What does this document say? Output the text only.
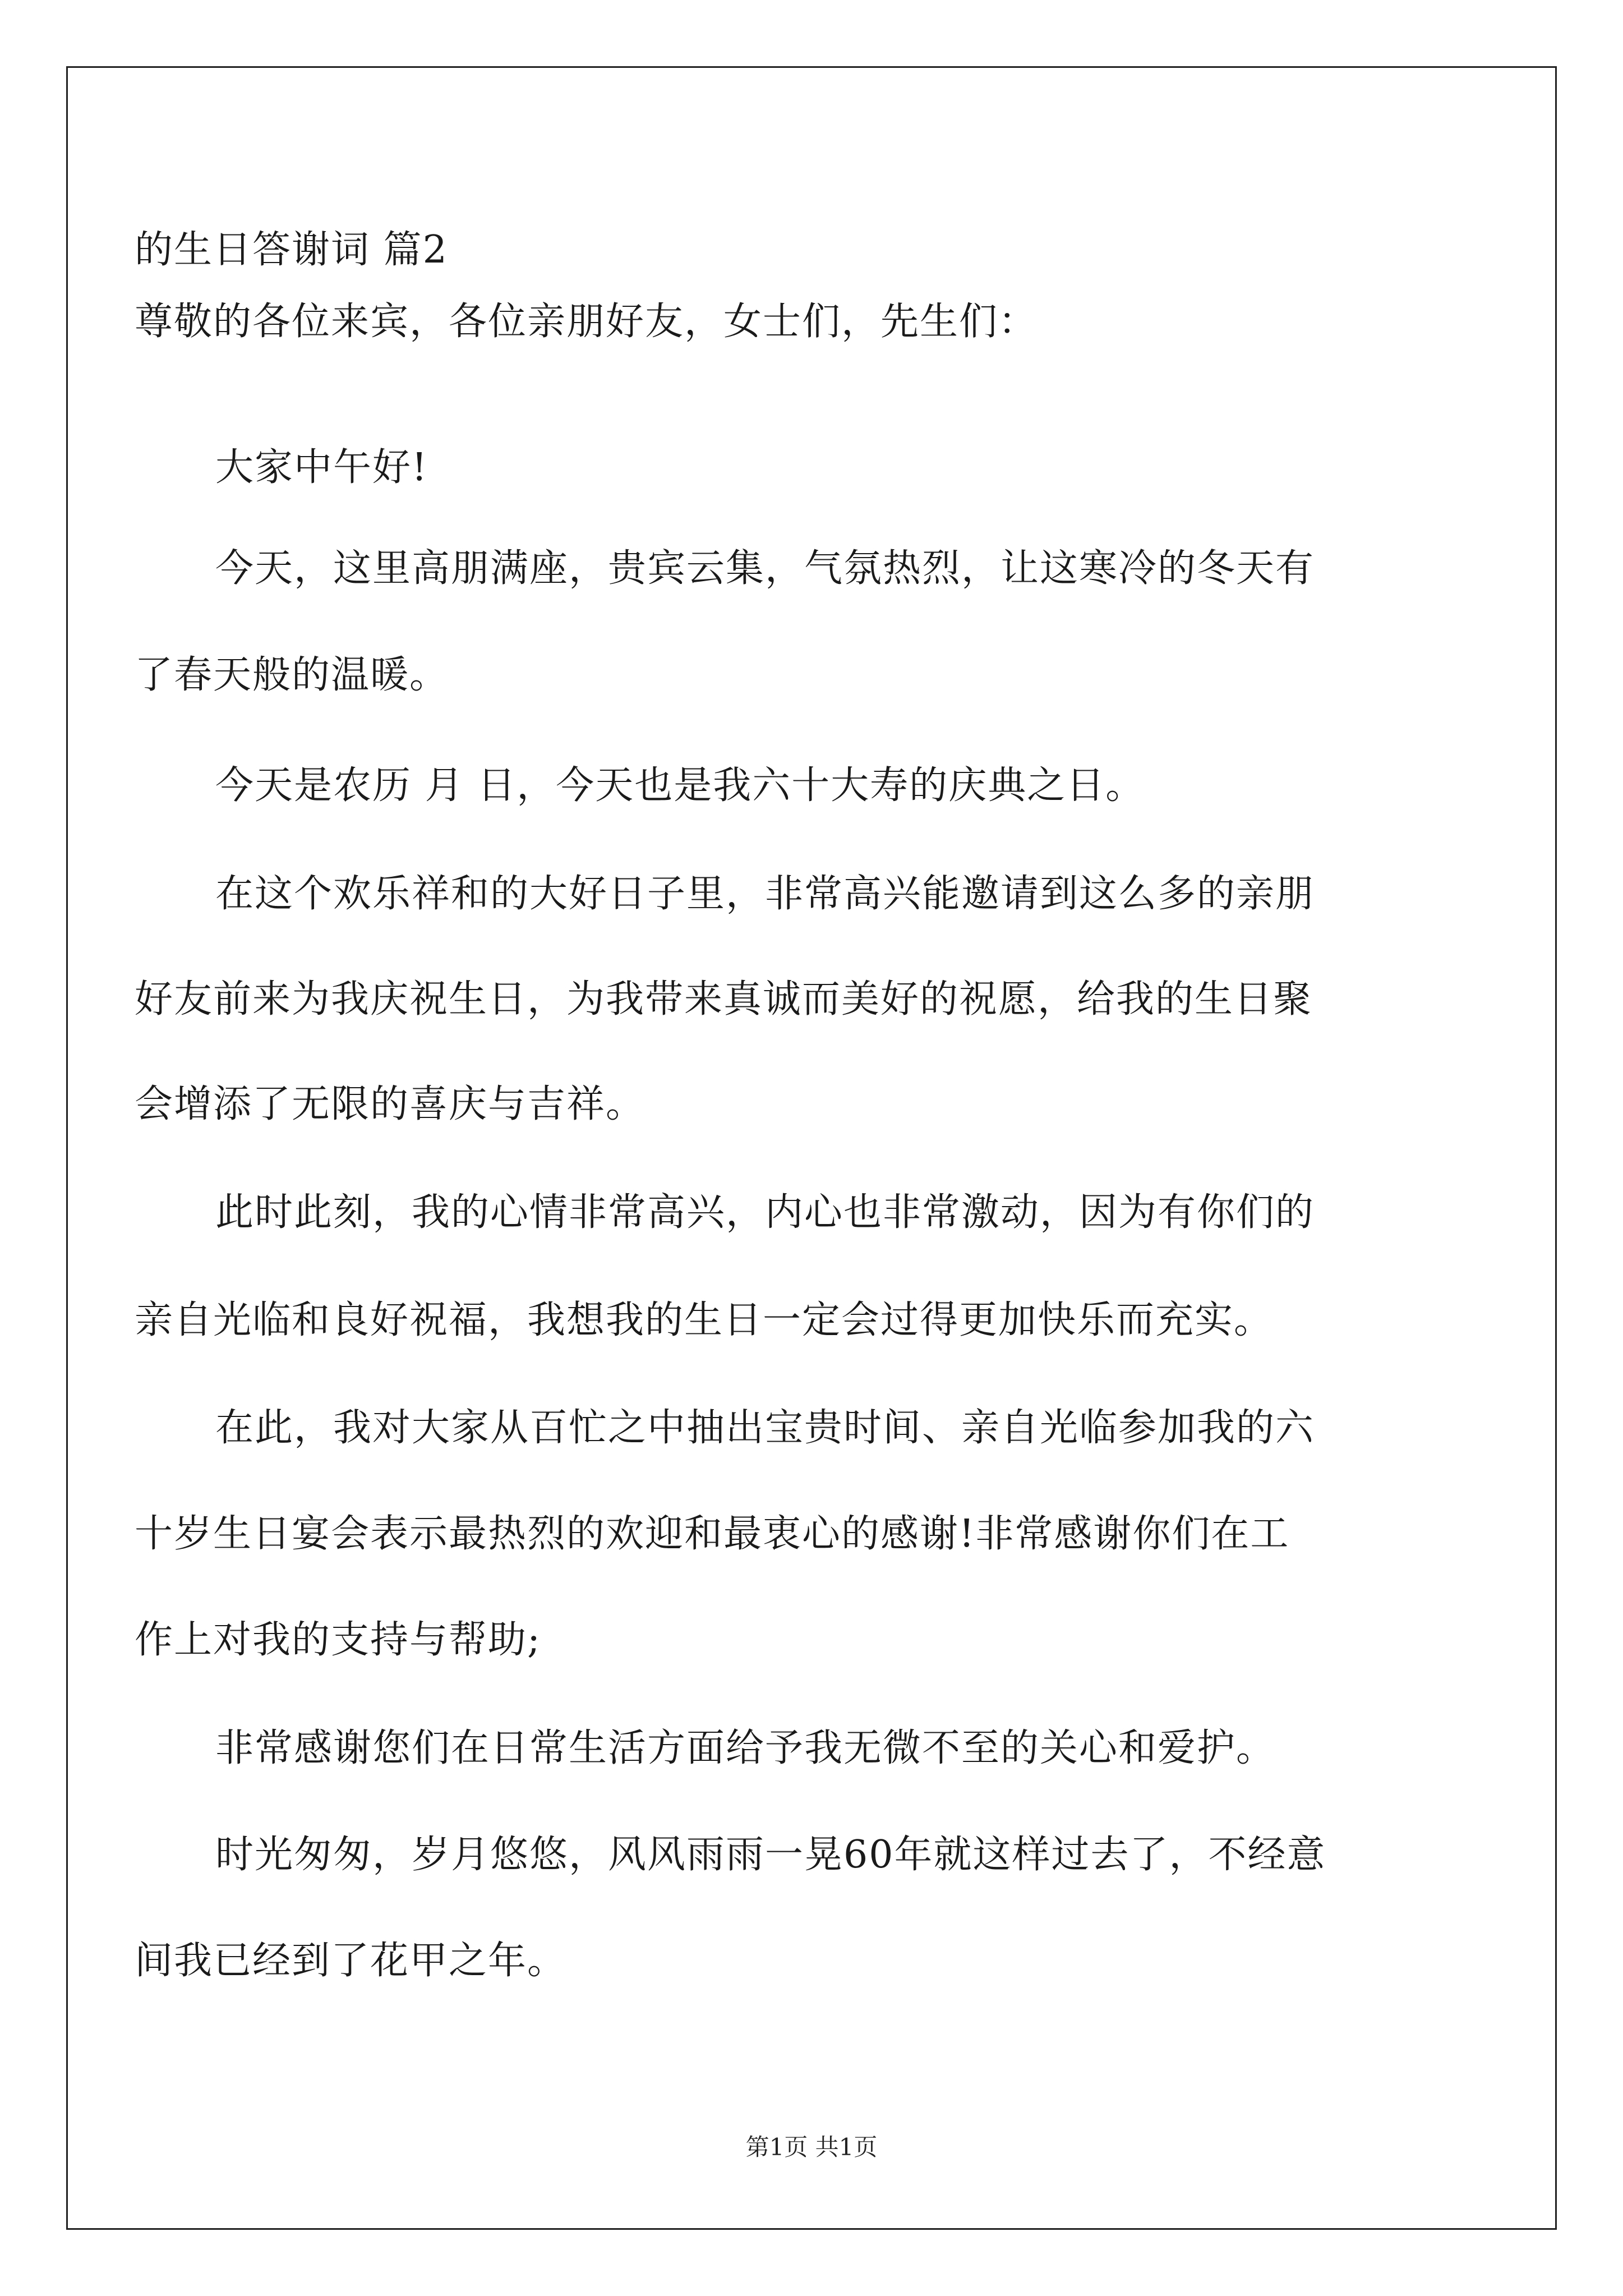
的生日答谢词 篇2
尊敬的各位来宾，各位亲朋好友，女士们，先生们：
大家中午好!
今天，这里高朋满座，贵宾云集，气氛热烈，让这寒冷的冬天有
了春天般的温暖。
今天是农历 月 日，今天也是我六十大寿的庆典之日。
在这个欢乐祥和的大好日子里，非常高兴能邀请到这么多的亲朋
好友前来为我庆祝生日，为我带来真诚而美好的祝愿，给我的生日聚
会增添了无限的喜庆与吉祥。
此时此刻，我的心情非常高兴，内心也非常激动，因为有你们的
亲自光临和良好祝福，我想我的生日一定会过得更加快乐而充实。
在此，我对大家从百忙之中抽出宝贵时间、亲自光临参加我的六
十岁生日宴会表示最热烈的欢迎和最衷心的感谢!非常感谢你们在工
作上对我的支持与帮助;
非常感谢您们在日常生活方面给予我无微不至的关心和爱护。
时光匆匆，岁月悠悠，风风雨雨一晃60年就这样过去了，不经意
间我已经到了花甲之年。
第1页 共1页
